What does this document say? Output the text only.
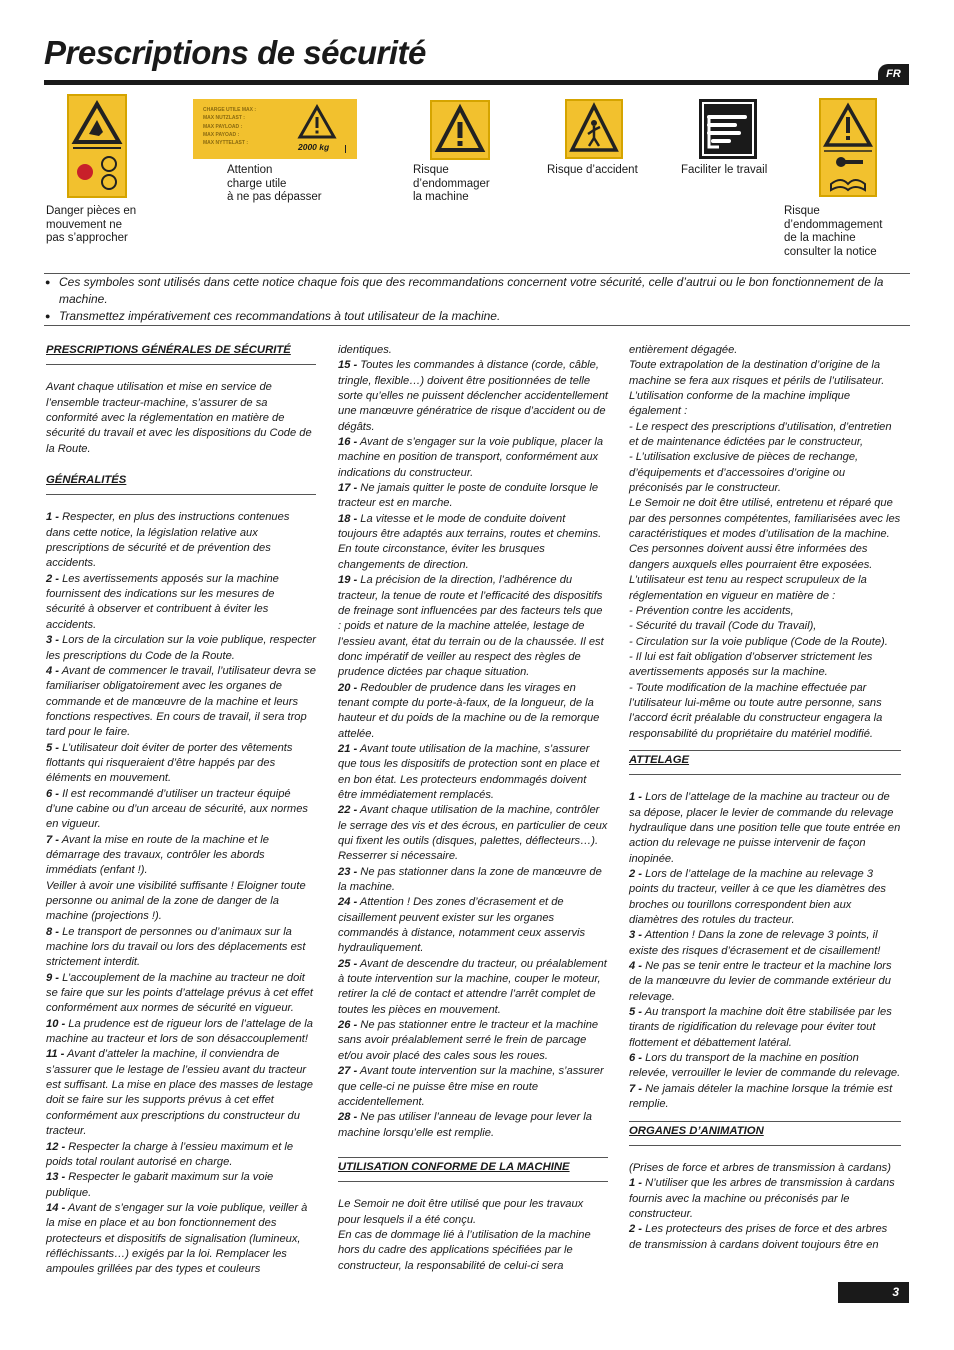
Prescriptions de sécurité
FR
Danger pièces en
mouvement ne
pas s’approcher
CHARGE UTILE MAX :
MAX NUTZLAST :
MAX PAYLOAD :
MAX PAYOAD :
MAX NYTTELAST :	2000 kg
Attention
charge utile
à ne pas dépasser
Risque
d’endommager
la machine
Risque d’accident	Faciliter le travail
Risque
d’endommagement
de la machine
consulter la notice
● Ces symboles sont utilisés dans cette notice chaque fois que des recommandations concernent votre sécurité, celle d’autrui ou le bon fonctionnement de la machine.
● Transmettez impérativement ces recommandations à tout utilisateur de la machine.

PRESCRIPTIONS GÉNÉRALES DE SÉCURITÉ

Avant chaque utilisation et mise en service de l’ensemble tracteur-machine, s’assurer de sa conformité avec la réglementation en matière de sécurité du travail et avec les dispositions du Code de la Route.

GÉNÉRALITÉS

1 - Respecter, en plus des instructions contenues dans cette notice, la législation relative aux prescriptions de sécurité et de prévention des accidents.

2 - Les avertissements apposés sur la machine fournissent des indications sur les mesures de sécurité à observer et contribuent à éviter les accidents.

3 - Lors de la circulation sur la voie publique, respecter les prescriptions du Code de la Route.

4 - Avant de commencer le travail, l’utilisateur devra se familiariser obligatoirement avec les organes de commande et de manœuvre de la machine et leurs fonctions respectives. En cours de travail, il sera trop tard pour le faire.

5 - L’utilisateur doit éviter de porter des vêtements flottants qui risqueraient d’être happés par des éléments en mouvement.

6 - Il est recommandé d’utiliser un tracteur équipé d’une cabine ou d’un arceau de sécurité, aux normes en vigueur.

7 - Avant la mise en route de la machine et le démarrage des travaux, contrôler les abords immédiats (enfant !).
Veiller à avoir une visibilité suffisante ! Eloigner toute personne ou animal de la zone de danger de la machine (projections !).

8 - Le transport de personnes ou d’animaux sur la machine lors du travail ou lors des déplacements est strictement interdit.

9 - L’accouplement de la machine au tracteur ne doit se faire que sur les points d’attelage prévus à cet effet conformément aux normes de sécurité en vigueur.

10 - La prudence est de rigueur lors de l’attelage de la machine au tracteur et lors de son désaccouplement!

11 - Avant d’atteler la machine, il conviendra de s’assurer que le lestage de l’essieu avant du tracteur est suffisant. La mise en place des masses de lestage doit se faire sur les supports prévus à cet effet conformément aux prescriptions du constructeur du tracteur.

12 - Respecter la charge à l’essieu maximum et le poids total roulant autorisé en charge.

13 - Respecter le gabarit maximum sur la voie publique.

14 - Avant de s’engager sur la voie publique, veiller à la mise en place et au bon fonctionnement des protecteurs et dispositifs de signalisation (lumineux, réfléchissants…) exigés par la loi. Remplacer les ampoules grillées par des types et couleurs

identiques.

15 - Toutes les commandes à distance (corde, câble, tringle, flexible…) doivent être positionnées de telle sorte qu’elles ne puissent déclencher accidentellement une manœuvre génératrice de risque d’accident ou de dégâts.

16 - Avant de s’engager sur la voie publique, placer la machine en position de transport, conformément aux indications du constructeur.

17 - Ne jamais quitter le poste de conduite lorsque le tracteur est en marche.

18 - La vitesse et le mode de conduite doivent toujours être adaptés aux terrains, routes et chemins. En toute circonstance, éviter les brusques changements de direction.

19 - La précision de la direction, l’adhérence du tracteur, la tenue de route et l’efficacité des dispositifs de freinage sont influencées par des facteurs tels que : poids et nature de la machine attelée, lestage de l’essieu avant, état du terrain ou de la chaussée. Il est donc impératif de veiller au respect des règles de prudence dictées par chaque situation.

20 - Redoubler de prudence dans les virages en tenant compte du porte-à-faux, de la longueur, de la hauteur et du poids de la machine ou de la remorque attelée.

21 - Avant toute utilisation de la machine, s’assurer que tous les dispositifs de protection sont en place et en bon état. Les protecteurs endommagés doivent être immédiatement remplacés.

22 - Avant chaque utilisation de la machine, contrôler le serrage des vis et des écrous, en particulier de ceux qui fixent les outils (disques, palettes, déflecteurs…). Resserrer si nécessaire.

23 - Ne pas stationner dans la zone de manœuvre de la machine.

24 - Attention ! Des zones d’écrasement et de cisaillement peuvent exister sur les organes commandés à distance, notamment ceux asservis hydrauliquement.

25 - Avant de descendre du tracteur, ou préalablement à toute intervention sur la machine, couper le moteur, retirer la clé de contact et attendre l’arrêt complet de toutes les pièces en mouvement.

26 - Ne pas stationner entre le tracteur et la machine sans avoir préalablement serré le frein de parcage et/ou avoir placé des cales sous les roues.

27 - Avant toute intervention sur la machine, s’assurer que celle-ci ne puisse être mise en route accidentellement.

28 - Ne pas utiliser l’anneau de levage pour lever la machine lorsqu’elle est remplie.

UTILISATION CONFORME DE LA MACHINE

Le Semoir ne doit être utilisé que pour les travaux pour lesquels il a été conçu.

En cas de dommage lié à l’utilisation de la machine hors du cadre des applications spécifiées par le constructeur, la responsabilité de celui-ci sera

entièrement dégagée.

Toute extrapolation de la destination d’origine de la machine se fera aux risques et périls de l’utilisateur.

L’utilisation conforme de la machine implique également :

- Le respect des prescriptions d’utilisation, d’entretien et de maintenance édictées par le constructeur,

- L’utilisation exclusive de pièces de rechange, d’équipements et d’accessoires d’origine ou préconisés par le constructeur.

Le Semoir ne doit être utilisé, entretenu et réparé que par des personnes compétentes, familiarisées avec les caractéristiques et modes d’utilisation de la machine. Ces personnes doivent aussi être informées des dangers auxquels elles pourraient être exposées.

L’utilisateur est tenu au respect scrupuleux de la réglementation en vigueur en matière de :

- Prévention contre les accidents,

- Sécurité du travail (Code du Travail),

- Circulation sur la voie publique (Code de la Route).

- Il lui est fait obligation d’observer strictement les avertissements apposés sur la machine.

- Toute modification de la machine effectuée par l’utilisateur lui-même ou toute autre personne, sans l’accord écrit préalable du constructeur engagera la responsabilité du propriétaire du matériel modifié.

ATTELAGE

1 - Lors de l’attelage de la machine au tracteur ou de sa dépose, placer le levier de commande du relevage hydraulique dans une position telle que toute entrée en action du relevage ne puisse intervenir de façon inopinée.

2 - Lors de l’attelage de la machine au relevage 3 points du tracteur, veiller à ce que les diamètres des broches ou tourillons correspondent bien aux diamètres des rotules du tracteur.

3 - Attention ! Dans la zone de relevage 3 points, il existe des risques d’écrasement et de cisaillement!

4 - Ne pas se tenir entre le tracteur et la machine lors de la manœuvre du levier de commande extérieur du relevage.

5 - Au transport la machine doit être stabilisée par les tirants de rigidification du relevage pour éviter tout flottement et débattement latéral.

6 - Lors du transport de la machine en position relevée, verrouiller le levier de commande du relevage.

7 - Ne jamais dételer la machine lorsque la trémie est remplie.

ORGANES D’ANIMATION

(Prises de force et arbres de transmission à cardans)

1 - N’utiliser que les arbres de transmission à cardans fournis avec la machine ou préconisés par le constructeur.

2 - Les protecteurs des prises de force et des arbres de transmission à cardans doivent toujours être en

3
